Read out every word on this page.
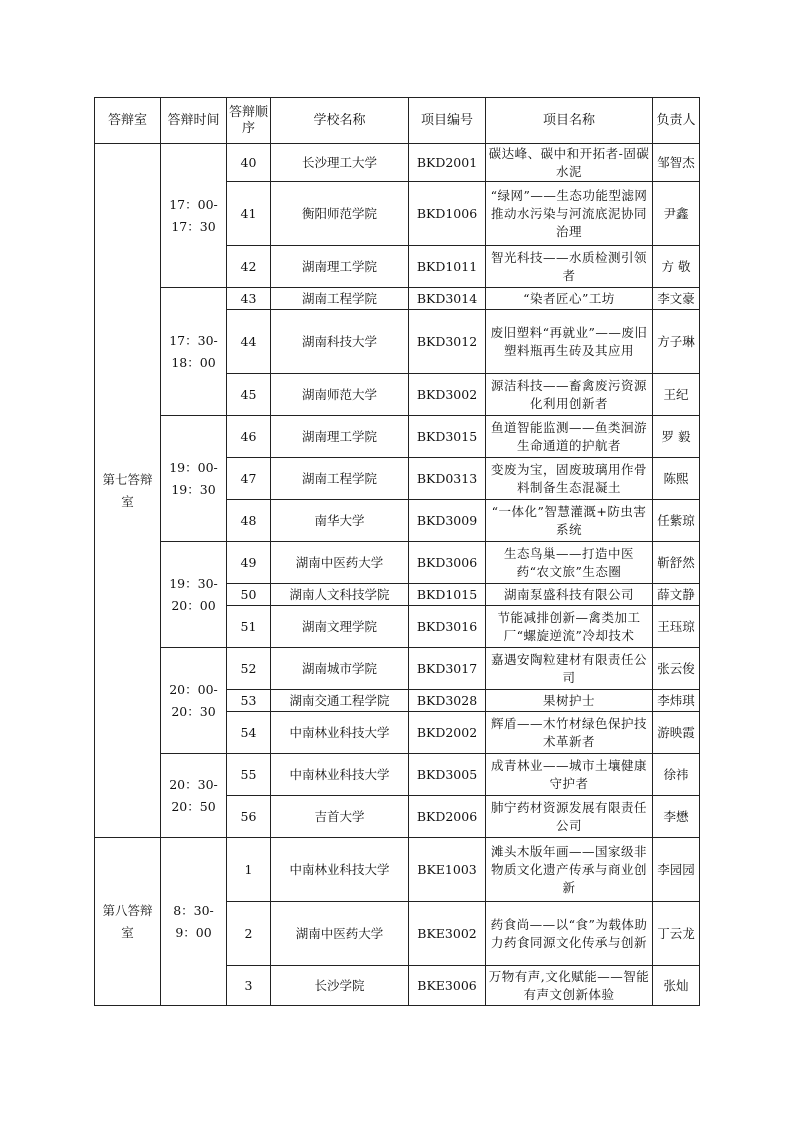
答辩室	答辩时间	答辩顺序	学校名称	项目编号	项目名称	负责人
第七答辩室	17：00-17：30	40	长沙理工大学	BKD2001	碳达峰、碳中和开拓者-固碳水泥	邹智杰
		41	衡阳师范学院	BKD1006	“绿网”——生态功能型滤网推动水污染与河流底泥协同治理	尹鑫
		42	湖南理工学院	BKD1011	智光科技——水质检测引领者	方 敬
	17：30-18：00	43	湖南工程学院	BKD3014	“染者匠心”工坊	李文豪
		44	湖南科技大学	BKD3012	废旧塑料“再就业”——废旧塑料瓶再生砖及其应用	方子琳
		45	湖南师范大学	BKD3002	源洁科技——畜禽废污资源化利用创新者	王纪
	19：00-19：30	46	湖南理工学院	BKD3015	鱼道智能监测——鱼类洄游生命通道的护航者	罗 毅
		47	湖南工程学院	BKD0313	变废为宝，固废玻璃用作骨料制备生态混凝土	陈熙
		48	南华大学	BKD3009	“一体化”智慧灌溉+防虫害系统	任紫琼
	19：30-20：00	49	湖南中医药大学	BKD3006	生态鸟巢——打造中医药“农文旅”生态圈	靳舒然
		50	湖南人文科技学院	BKD1015	湖南泵盛科技有限公司	薛文静
		51	湖南文理学院	BKD3016	节能减排创新—禽类加工厂“螺旋逆流”冷却技术	王珏琼
	20：00-20：30	52	湖南城市学院	BKD3017	嘉遇安陶粒建材有限责任公司	张云俊
		53	湖南交通工程学院	BKD3028	果树护士	李炜琪
		54	中南林业科技大学	BKD2002	辉盾——木竹材绿色保护技术革新者	游映霞
	20：30-20：50	55	中南林业科技大学	BKD3005	成青林业——城市土壤健康守护者	徐祎
		56	吉首大学	BKD2006	肺宁药材资源发展有限责任公司	李懋
第八答辩室	8：30-9：00	1	中南林业科技大学	BKE1003	滩头木版年画——国家级非物质文化遗产传承与商业创新	李园园
		2	湖南中医药大学	BKE3002	药食尚——以“食”为载体助力药食同源文化传承与创新	丁云龙
		3	长沙学院	BKE3006	万物有声,文化赋能——智能有声文创新体验	张灿
